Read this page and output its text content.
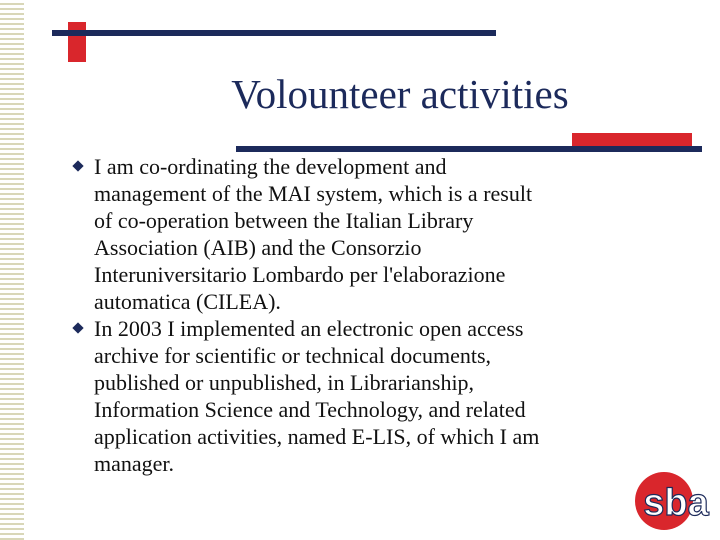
Volounteer activities
I am co-ordinating the development and
management of the MAI system, which is a result
of co-operation between the Italian Library
Association (AIB) and the Consorzio
Interuniversitario Lombardo per l'elaborazione
automatica (CILEA).
In 2003 I implemented an electronic open access
archive for scientific or technical documents,
published or unpublished, in Librarianship,
Information Science and Technology, and related
application activities, named E-LIS, of which I am
manager.
sba
